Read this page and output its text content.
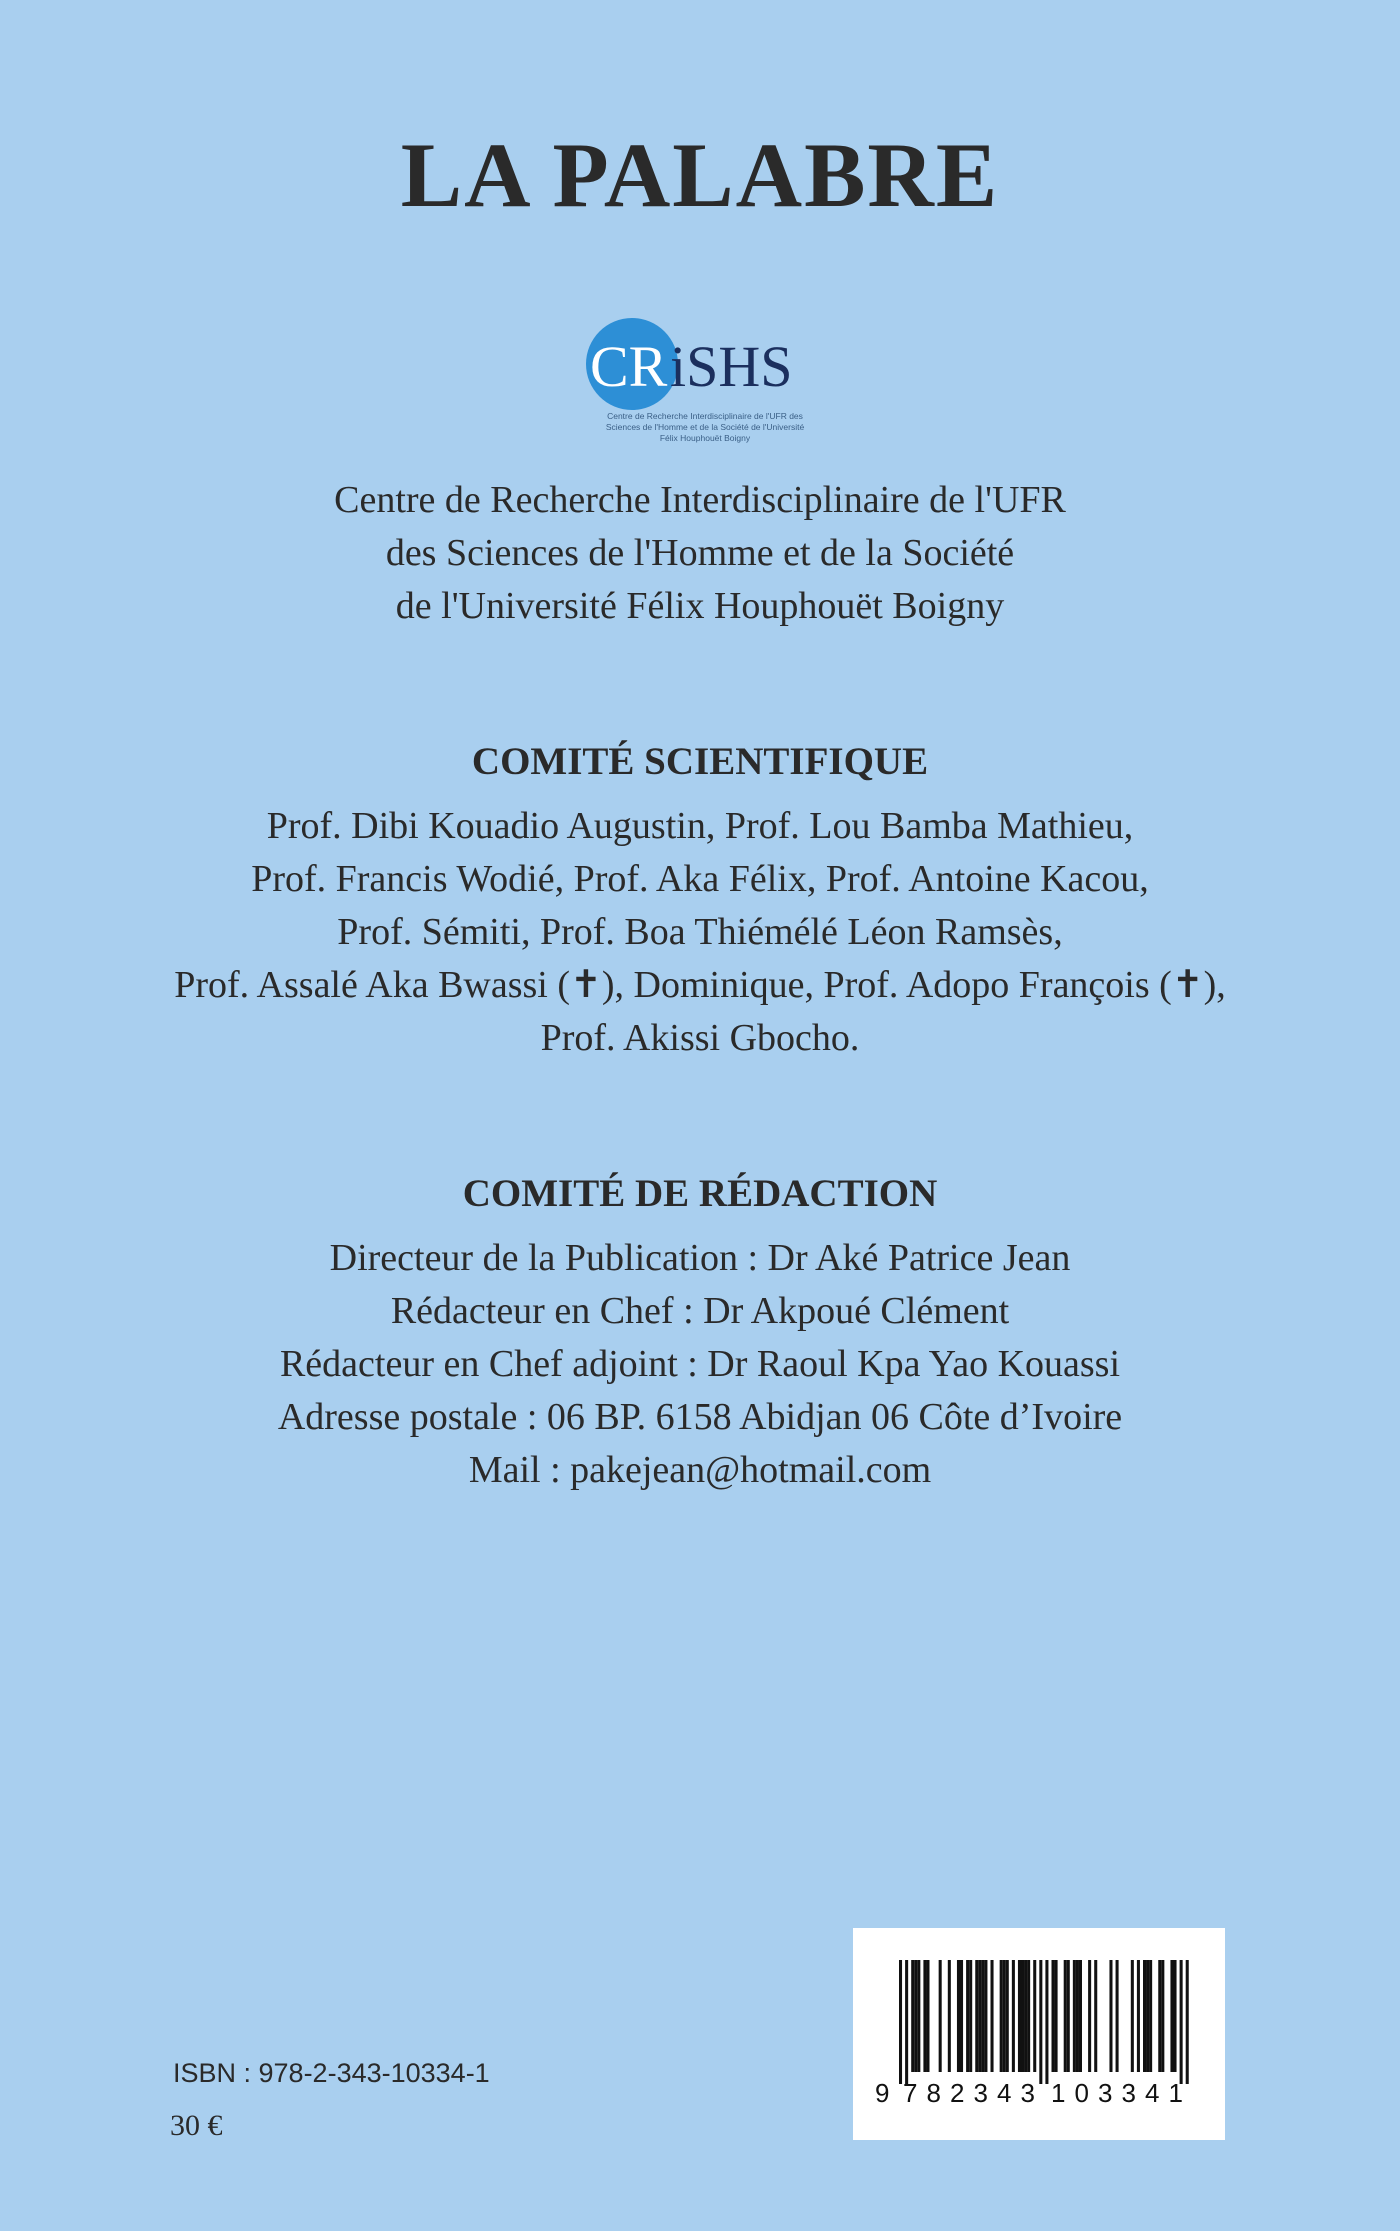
LA PALABRE
CR iSHS
Centre de Recherche Interdisciplinaire de l'UFR des
Sciences de l'Homme et de la Société de l'Université
Félix Houphouët Boigny
Centre de Recherche Interdisciplinaire de l'UFR
des Sciences de l'Homme et de la Société
de l'Université Félix Houphouët Boigny
COMITÉ SCIENTIFIQUE
Prof. Dibi Kouadio Augustin, Prof. Lou Bamba Mathieu,
Prof. Francis Wodié, Prof. Aka Félix, Prof. Antoine Kacou,
Prof. Sémiti, Prof. Boa Thiémélé Léon Ramsès,
Prof. Assalé Aka Bwassi (✝), Dominique, Prof. Adopo François (✝),
Prof. Akissi Gbocho.
COMITÉ DE RÉDACTION
Directeur de la Publication : Dr Aké Patrice Jean
Rédacteur en Chef : Dr Akpoué Clément
Rédacteur en Chef adjoint : Dr Raoul Kpa Yao Kouassi
Adresse postale : 06 BP. 6158 Abidjan 06 Côte d’Ivoire
Mail : pakejean@hotmail.com
ISBN : 978-2-343-10334-1
30 €
9 782343 103341
